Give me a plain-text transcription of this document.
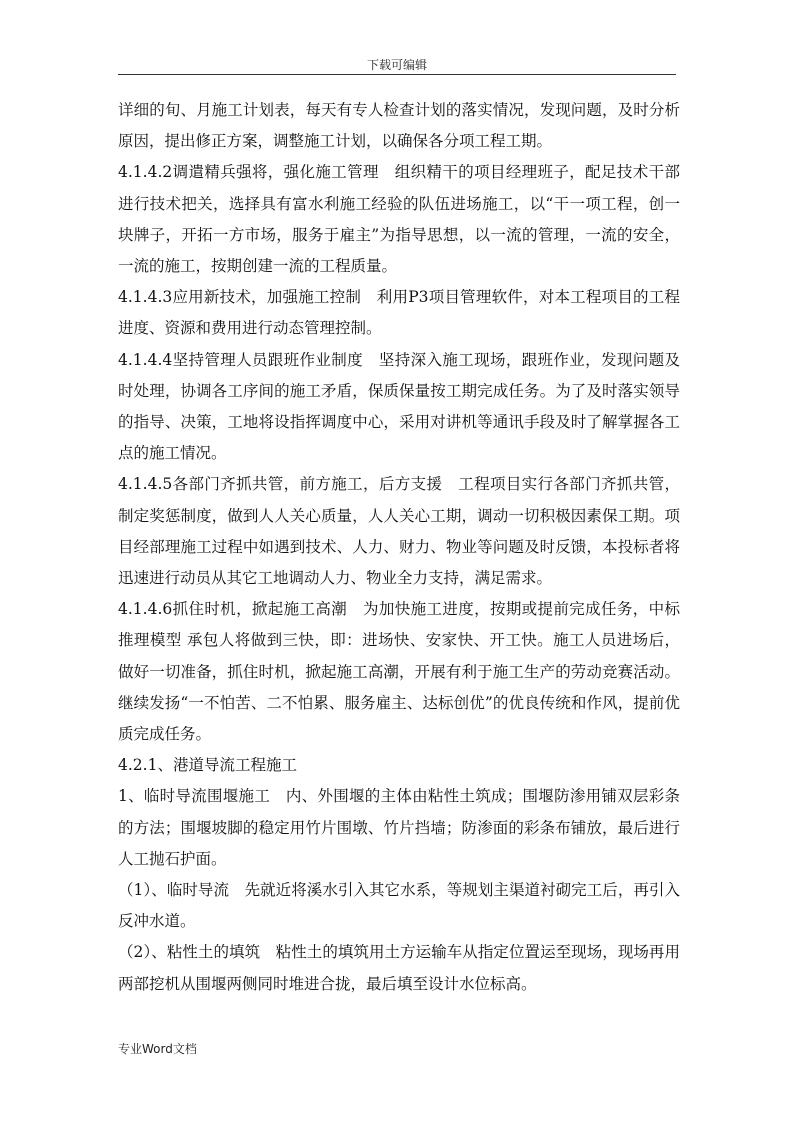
下载可编辑

详细的旬、月施工计划表，每天有专人检查计划的落实情况，发现问题，及时分析原因，提出修正方案，调整施工计划，以确保各分项工程工期。

4.1.4.2调遣精兵强将，强化施工管理　组织精干的项目经理班子，配足技术干部进行技术把关，选择具有富水利施工经验的队伍进场施工，以“干一项工程，创一块牌子，开拓一方市场，服务于雇主”为指导思想，以一流的管理，一流的安全，一流的施工，按期创建一流的工程质量。

4.1.4.3应用新技术，加强施工控制　利用P3项目管理软件，对本工程项目的工程进度、资源和费用进行动态管理控制。

4.1.4.4坚持管理人员跟班作业制度　坚持深入施工现场，跟班作业，发现问题及时处理，协调各工序间的施工矛盾，保质保量按工期完成任务。为了及时落实领导的指导、决策，工地将设指挥调度中心，采用对讲机等通讯手段及时了解掌握各工点的施工情况。

4.1.4.5各部门齐抓共管，前方施工，后方支援　工程项目实行各部门齐抓共管，制定奖惩制度，做到人人关心质量，人人关心工期，调动一切积极因素保工期。项目经部理施工过程中如遇到技术、人力、财力、物业等问题及时反馈，本投标者将迅速进行动员从其它工地调动人力、物业全力支持，满足需求。

4.1.4.6抓住时机，掀起施工高潮　为加快施工进度，按期或提前完成任务，中标推理模型 承包人将做到三快，即：进场快、安家快、开工快。施工人员进场后，做好一切准备，抓住时机，掀起施工高潮，开展有利于施工生产的劳动竞赛活动。继续发扬“一不怕苦、二不怕累、服务雇主、达标创优”的优良传统和作风，提前优质完成任务。

4.2.1、港道导流工程施工

1、临时导流围堰施工　内、外围堰的主体由粘性土筑成；围堰防渗用铺双层彩条的方法；围堰坡脚的稳定用竹片围墩、竹片挡墙；防渗面的彩条布铺放，最后进行人工抛石护面。

（1）、临时导流　先就近将溪水引入其它水系，等规划主渠道衬砌完工后，再引入反冲水道。

（2）、粘性土的填筑　粘性土的填筑用土方运输车从指定位置运至现场，现场再用两部挖机从围堰两侧同时堆进合拢，最后填至设计水位标高。

专业Word文档
